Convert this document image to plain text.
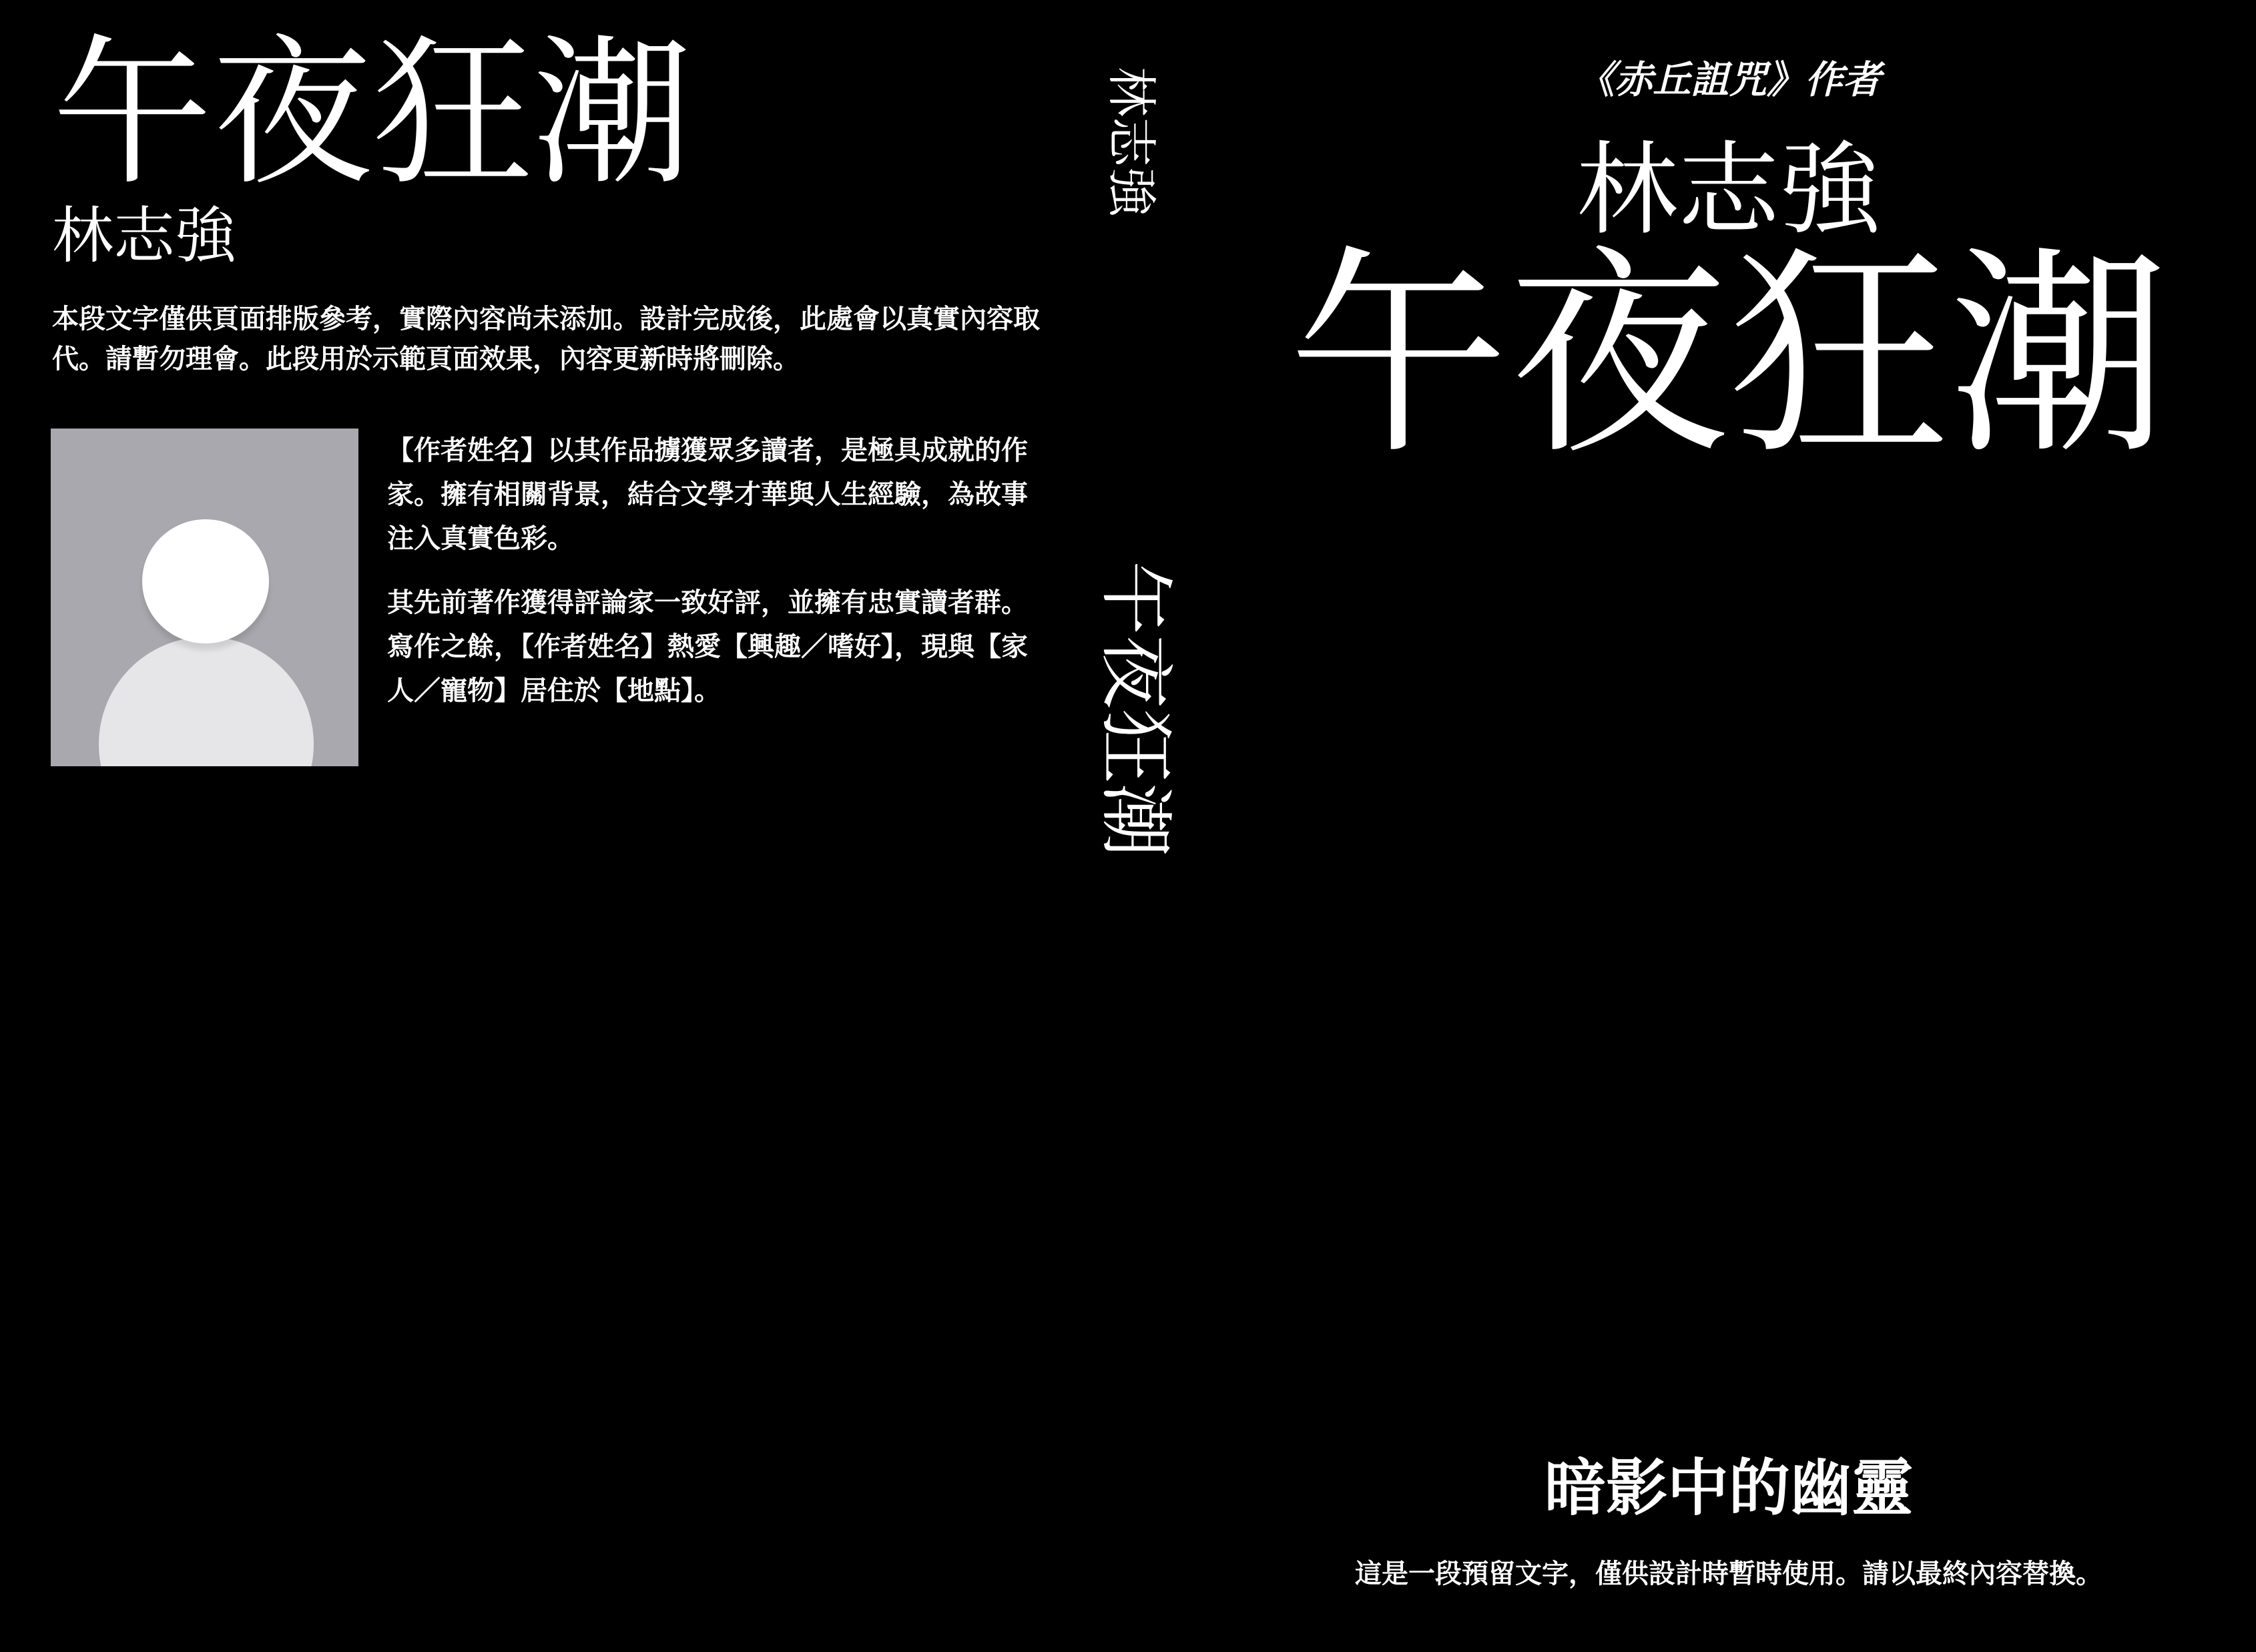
午夜狂潮
林志強

本段文字僅供頁面排版參考，實際內容尚未添加。設計完成後，此處會以真實內容取代。請暫勿理會。此段用於示範頁面效果，內容更新時將刪除。

【作者姓名】以其作品擄獲眾多讀者，是極具成就的作家。擁有相關背景，結合文學才華與人生經驗，為故事注入真實色彩。

其先前著作獲得評論家一致好評，並擁有忠實讀者群。寫作之餘，【作者姓名】熱愛【興趣／嗜好】，現與【家人／寵物】居住於【地點】。

林志強
午夜狂潮
《赤丘詛咒》作者
林志強
午夜狂潮
暗影中的幽靈
這是一段預留文字，僅供設計時暫時使用。請以最終內容替換。
